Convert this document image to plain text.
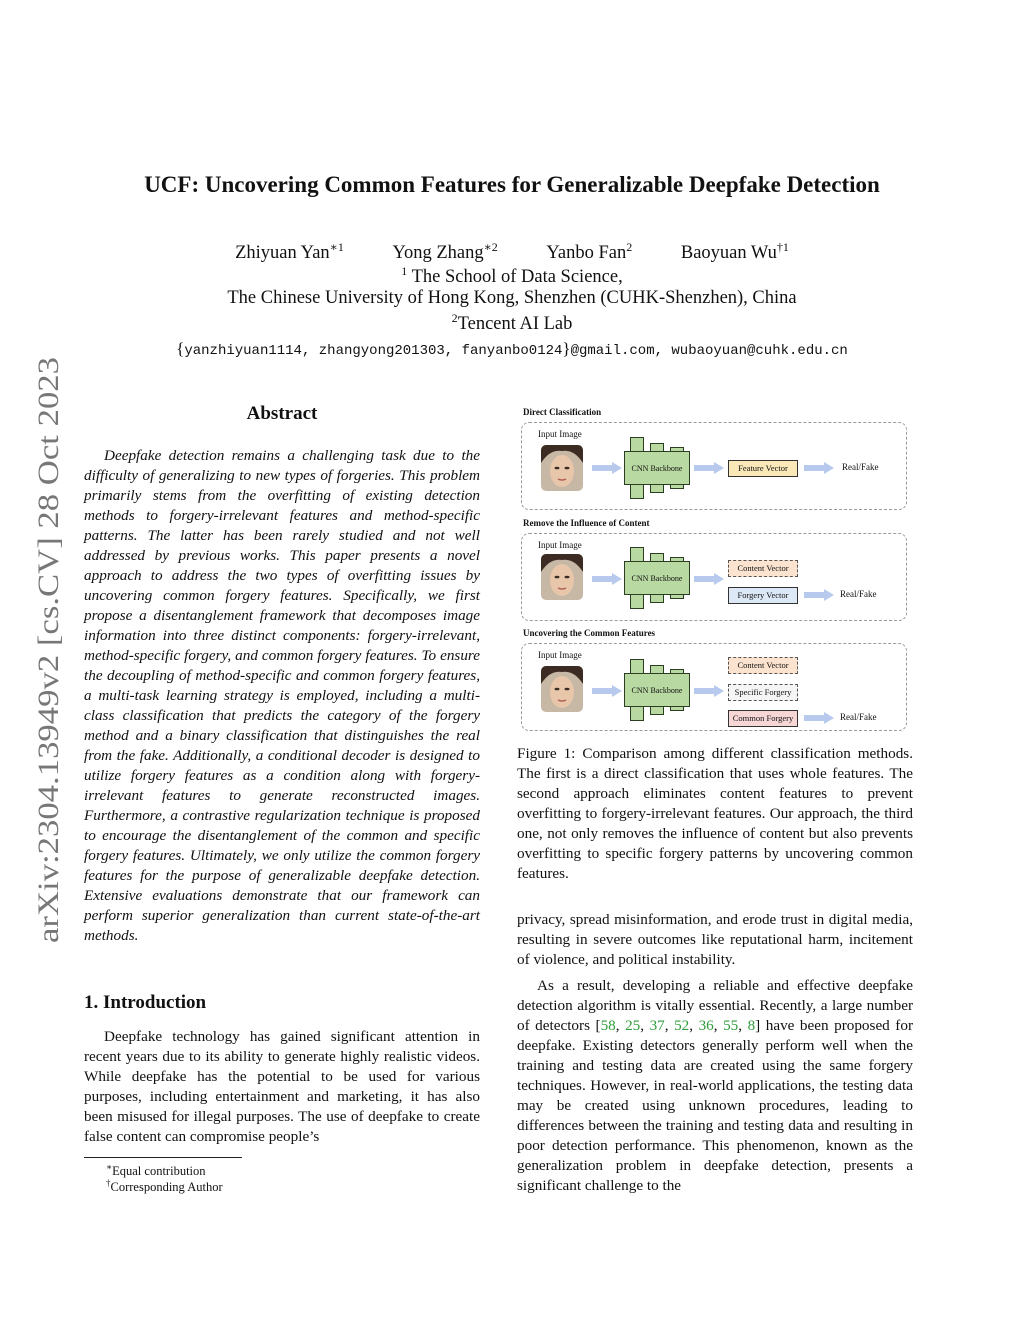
arXiv:2304.13949v2 [cs.CV] 28 Oct 2023
UCF: Uncovering Common Features for Generalizable Deepfake Detection
Zhiyuan Yan$^{∗1}$	Yong Zhang$^{∗2}$	Yanbo Fan$^2$	Baoyuan Wu$^{\dagger 1}$
$^1$ The School of Data Science,
The Chinese University of Hong Kong, Shenzhen (CUHK-Shenzhen), China
$^2$Tencent AI Lab
{yanzhiyuan1114, zhangyong201303, fanyanbo0124}@gmail.com, wubaoyuan@cuhk.edu.cn
Abstract
Deepfake detection remains a challenging task due to the difficulty of generalizing to new types of forgeries. This problem primarily stems from the overfitting of existing detection methods to forgery-irrelevant features and method-specific patterns. The latter has been rarely studied and not well addressed by previous works. This paper presents a novel approach to address the two types of overfitting issues by uncovering common forgery features. Specifically, we first propose a disentanglement framework that decomposes image information into three distinct components: forgery-irrelevant, method-specific forgery, and common forgery features. To ensure the decoupling of method-specific and common forgery features, a multi-task learning strategy is employed, including a multi-class classification that predicts the category of the forgery method and a binary classification that distinguishes the real from the fake. Additionally, a conditional decoder is designed to utilize forgery features as a condition along with forgery-irrelevant features to generate reconstructed images. Furthermore, a contrastive regularization technique is proposed to encourage the disentanglement of the common and specific forgery features. Ultimately, we only utilize the common forgery features for the purpose of generalizable deepfake detection. Extensive evaluations demonstrate that our framework can perform superior generalization than current state-of-the-art methods.
1. Introduction
Deepfake technology has gained significant attention in recent years due to its ability to generate highly realistic videos. While deepfake has the potential to be used for various purposes, including entertainment and marketing, it has also been misused for illegal purposes. The use of deepfake to create false content can compromise people’s
∗Equal contribution
†Corresponding Author
Direct Classification
Input Image
CNN Backbone	Feature Vector	Real/Fake
Remove the Influence of Content
Input Image
CNN Backbone
Content Vector
Forgery Vector	Real/Fake
Uncovering the Common Features
Input Image
CNN Backbone
Content Vector
Specific Forgery
Common Forgery	Real/Fake
Figure 1: Comparison among different classification methods. The first is a direct classification that uses whole features. The second approach eliminates content features to prevent overfitting to forgery-irrelevant features. Our approach, the third one, not only removes the influence of content but also prevents overfitting to specific forgery patterns by uncovering common features.

privacy, spread misinformation, and erode trust in digital media, resulting in severe outcomes like reputational harm, incitement of violence, and political instability.

As a result, developing a reliable and effective deepfake detection algorithm is vitally essential. Recently, a large number of detectors [58, 25, 37, 52, 36, 55, 8] have been proposed for deepfake. Existing detectors generally perform well when the training and testing data are created using the same forgery techniques. However, in real-world applications, the testing data may be created using unknown procedures, leading to differences between the training and testing data and resulting in poor detection performance. This phenomenon, known as the generalization problem in deepfake detection, presents a significant challenge to the
